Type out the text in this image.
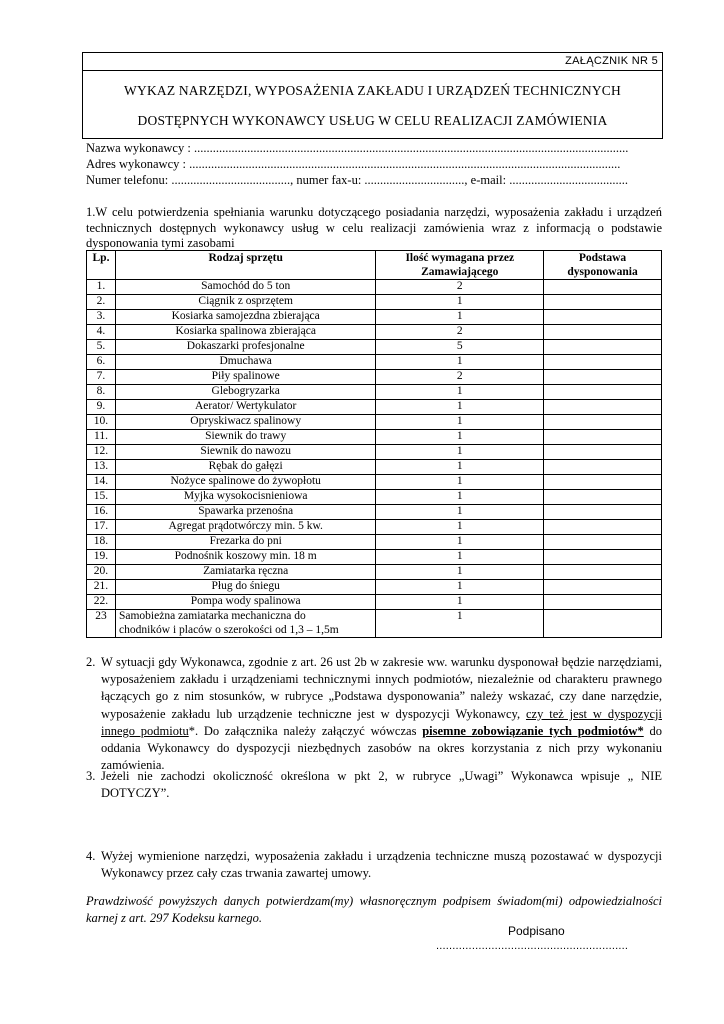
ZAŁĄCZNIK NR 5
WYKAZ NARZĘDZI, WYPOSAŻENIA ZAKŁADU I URZĄDZEŃ TECHNICZNYCH
DOSTĘPNYCH WYKONAWCY USŁUG W CELU REALIZACJI ZAMÓWIENIA
Nazwa wykonawcy : ...........................................................................................................................................
Adres wykonawcy : ..........................................................................................................................................
Numer telefonu: ......................................, numer fax-u: ................................, e-mail: ......................................
1.W celu potwierdzenia spełniania warunku dotyczącego posiadania narzędzi, wyposażenia zakładu i urządzeń technicznych dostępnych wykonawcy usług w celu realizacji zamówienia wraz z informacją o podstawie dysponowania tymi zasobami
Lp.	Rodzaj sprzętu	Ilość wymagana przez Zamawiającego	Podstawa dysponowania
1.	Samochód do 5 ton	2	
2.	Ciągnik z osprzętem	1	
3.	Kosiarka samojezdna zbierająca	1	
4.	Kosiarka spalinowa zbierająca	2	
5.	Dokaszarki profesjonalne	5	
6.	Dmuchawa	1	
7.	Piły spalinowe	2	
8.	Glebogryzarka	1	
9.	Aerator/ Wertykulator	1	
10.	Opryskiwacz spalinowy	1	
11.	Siewnik do trawy	1	
12.	Siewnik do nawozu	1	
13.	Rębak do gałęzi	1	
14.	Nożyce spalinowe do żywopłotu	1	
15.	Myjka wysokocisnieniowa	1	
16.	Spawarka przenośna	1	
17.	Agregat prądotwórczy min. 5 kw.	1	
18.	Frezarka do pni	1	
19.	Podnośnik koszowy min. 18 m	1	
20.	Zamiatarka ręczna	1	
21.	Pług do śniegu	1	
22.	Pompa wody spalinowa	1	
23	Samobieżna zamiatarka mechaniczna do
chodników i placów o szerokości od 1,3 – 1,5m	1	
2. W sytuacji gdy Wykonawca, zgodnie z art. 26 ust 2b w zakresie ww. warunku dysponował będzie narzędziami, wyposażeniem zakładu i urządzeniami technicznymi innych podmiotów, niezależnie od charakteru prawnego łączących go z nim stosunków, w rubryce „Podstawa dysponowania” należy wskazać, czy dane narzędzie, wyposażenie zakładu lub urządzenie techniczne jest w dyspozycji Wykonawcy, czy też jest w dyspozycji innego podmiotu*. Do załącznika należy załączyć wówczas pisemne zobowiązanie tych podmiotów* do oddania Wykonawcy do dyspozycji niezbędnych zasobów na okres korzystania z nich przy wykonaniu zamówienia.
3. Jeżeli nie zachodzi okoliczność określona w pkt 2, w rubryce „Uwagi” Wykonawca wpisuje „ NIE DOTYCZY”.
4. Wyżej wymienione narzędzi, wyposażenia zakładu i urządzenia techniczne muszą pozostawać w dyspozycji Wykonawcy przez cały czas trwania zawartej umowy.
Prawdziwość powyższych danych potwierdzam(my) własnoręcznym podpisem świadom(mi) odpowiedzialności karnej z art. 297 Kodeksu karnego.
Podpisano
...........................................................
